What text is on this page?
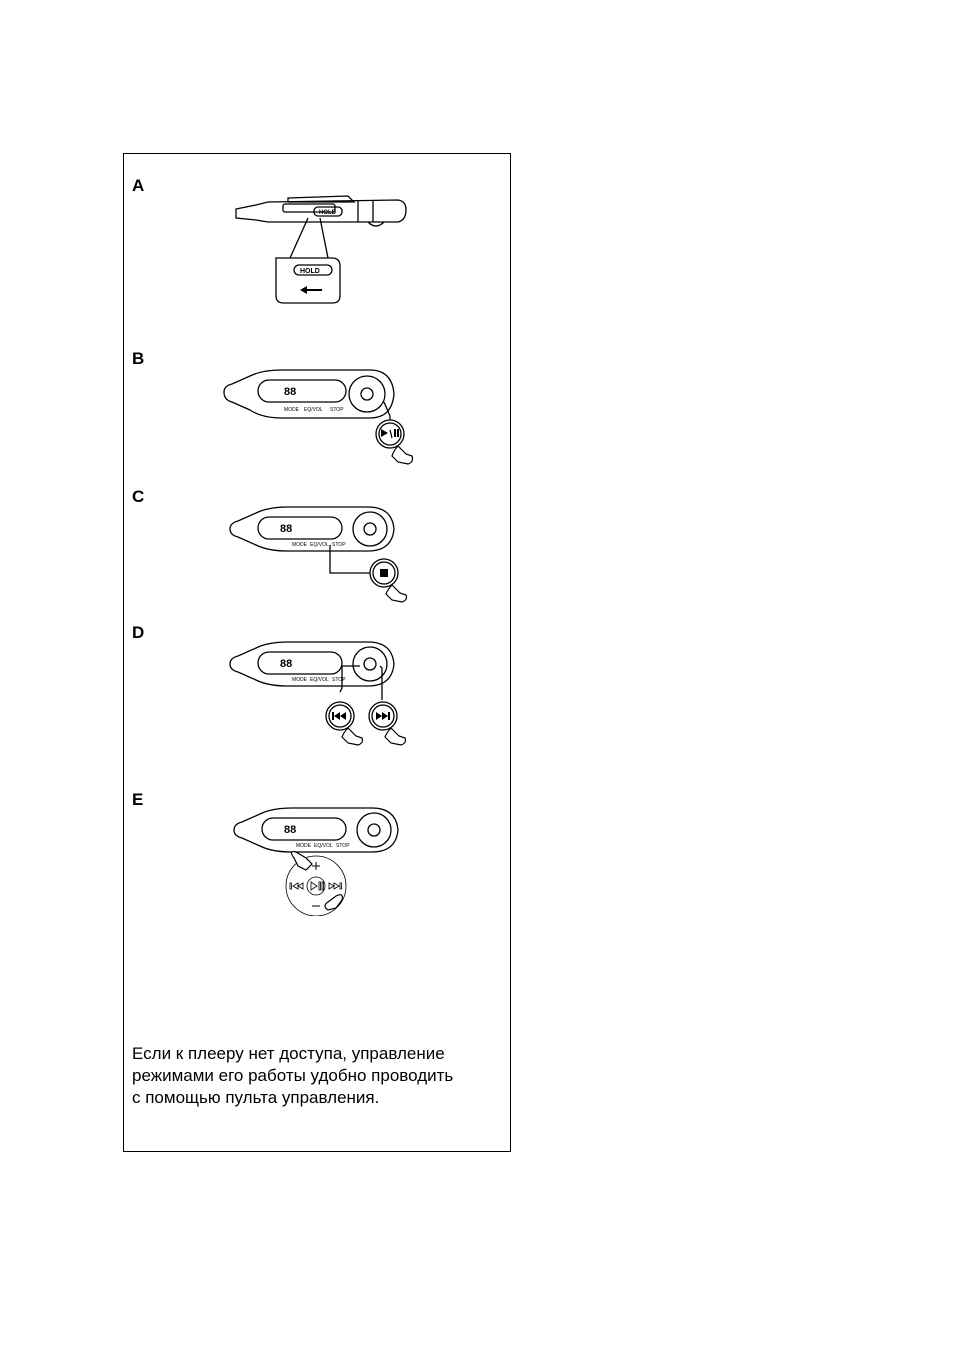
A
HOLD
HOLD
B
88
MODE EQ/VOL STOP
C
88
MODE EQ/VOL STOP
D
88
MODE EQ/VOL STOP
E
88
MODE EQ/VOL STOP
Если к плееру нет доступа, управление
режимами его работы удобно проводить
с помощью пульта управления.
